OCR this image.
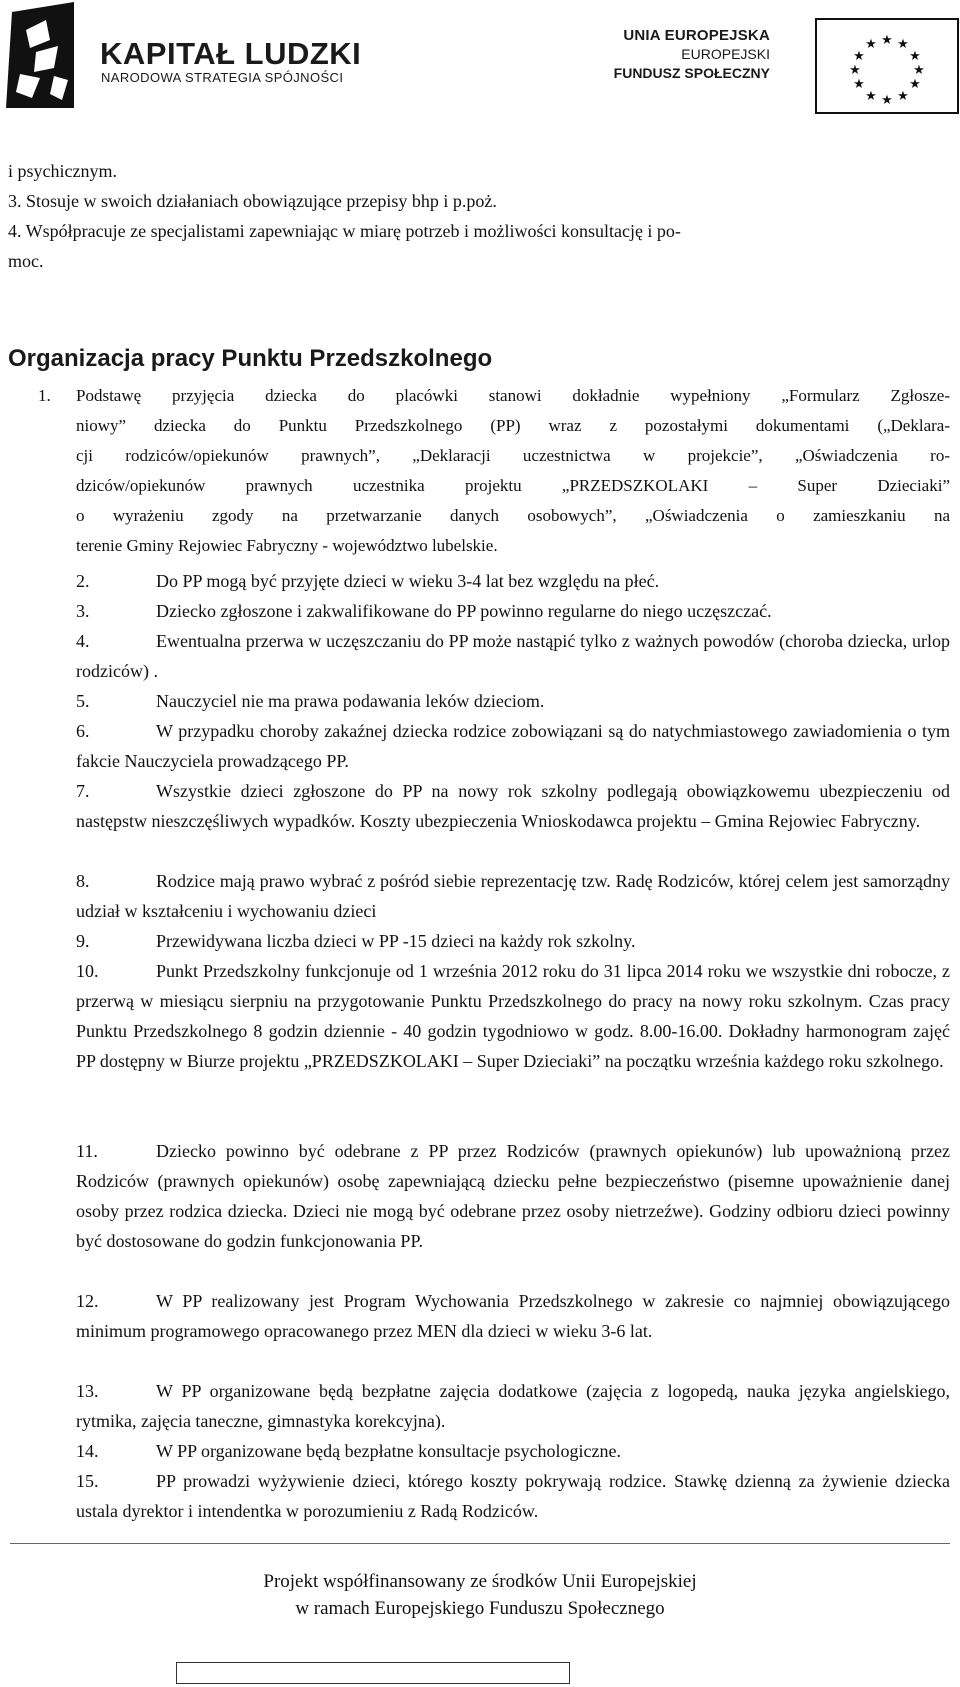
KAPITAŁ LUDZKI
NARODOWA STRATEGIA SPÓJNOŚCI
UNIA EUROPEJSKA
EUROPEJSKI
FUNDUSZ SPOŁECZNY
★ ★
★
★
★
★
★
★
★
★
★
★
i psychicznym.
3. Stosuje w swoich działaniach obowiązujące przepisy bhp i p.poż.
4. Współpracuje ze specjalistami zapewniając w miarę potrzeb i możliwości konsultację i po-
moc.
Organizacja pracy Punktu Przedszkolnego
1. Podstawę przyjęcia dziecka do placówki stanowi dokładnie wypełniony „Formularz Zgłosze-
niowy” dziecka do Punktu Przedszkolnego (PP) wraz z pozostałymi dokumentami („Deklara-
cji rodziców/opiekunów prawnych”, „Deklaracji uczestnictwa w projekcie”, „Oświadczenia ro-
dziców/opiekunów prawnych uczestnika projektu „PRZEDSZKOLAKI – Super Dzieciaki”
o wyrażeniu zgody na przetwarzanie danych osobowych”, „Oświadczenia o zamieszkaniu na
terenie Gminy Rejowiec Fabryczny - województwo lubelskie.
2.	Do PP mogą być przyjęte dzieci w wieku 3-4 lat bez względu na płeć.
3.	Dziecko zgłoszone i zakwalifikowane do PP powinno regularne do niego uczęszczać.
4.	Ewentualna przerwa w uczęszczaniu do PP może nastąpić tylko z ważnych powodów (choroba dziecka, urlop rodziców) .
5.	Nauczyciel nie ma prawa podawania leków dzieciom.
6.	W przypadku choroby zakaźnej dziecka rodzice zobowiązani są do natychmiastowego zawiadomienia o tym fakcie Nauczyciela prowadzącego PP.
7.	Wszystkie dzieci zgłoszone do PP na nowy rok szkolny podlegają obowiązkowemu ubezpieczeniu od następstw nieszczęśliwych wypadków. Koszty ubezpieczenia Wnioskodawca projektu – Gmina Rejowiec Fabryczny.
8.	Rodzice mają prawo wybrać z pośród siebie reprezentację tzw. Radę Rodziców, której celem jest samorządny udział w kształceniu i wychowaniu dzieci
9.	Przewidywana liczba dzieci w PP -15 dzieci na każdy rok szkolny.
10.	Punkt Przedszkolny funkcjonuje od 1 września 2012 roku do 31 lipca 2014 roku we wszystkie dni robocze, z przerwą w miesiącu sierpniu na przygotowanie Punktu Przedszkolnego do pracy na nowy roku szkolnym. Czas pracy Punktu Przedszkolnego 8 godzin dziennie - 40 godzin tygodniowo w godz. 8.00-16.00. Dokładny harmonogram zajęć PP dostępny w Biurze projektu „PRZEDSZKOLAKI – Super Dzieciaki” na początku września każdego roku szkolnego.
11.	Dziecko powinno być odebrane z PP przez Rodziców (prawnych opiekunów) lub upoważnioną przez Rodziców (prawnych opiekunów) osobę zapewniającą dziecku pełne bezpieczeństwo (pisemne upoważnienie danej osoby przez rodzica dziecka. Dzieci nie mogą być odebrane przez osoby nietrzeźwe). Godziny odbioru dzieci powinny być dostosowane do godzin funkcjonowania PP.
12.	W PP realizowany jest Program Wychowania Przedszkolnego w zakresie co najmniej obowiązującego minimum programowego opracowanego przez MEN dla dzieci w wieku 3-6 lat.
13.	W PP organizowane będą bezpłatne zajęcia dodatkowe (zajęcia z logopedą, nauka języka angielskiego, rytmika, zajęcia taneczne, gimnastyka korekcyjna).
14.	W PP organizowane będą bezpłatne konsultacje psychologiczne.
15.	PP prowadzi wyżywienie dzieci, którego koszty pokrywają rodzice. Stawkę dzienną za żywienie dziecka ustala dyrektor i intendentka w porozumieniu z Radą Rodziców.
Projekt współfinansowany ze środków Unii Europejskiej
w ramach Europejskiego Funduszu Społecznego
